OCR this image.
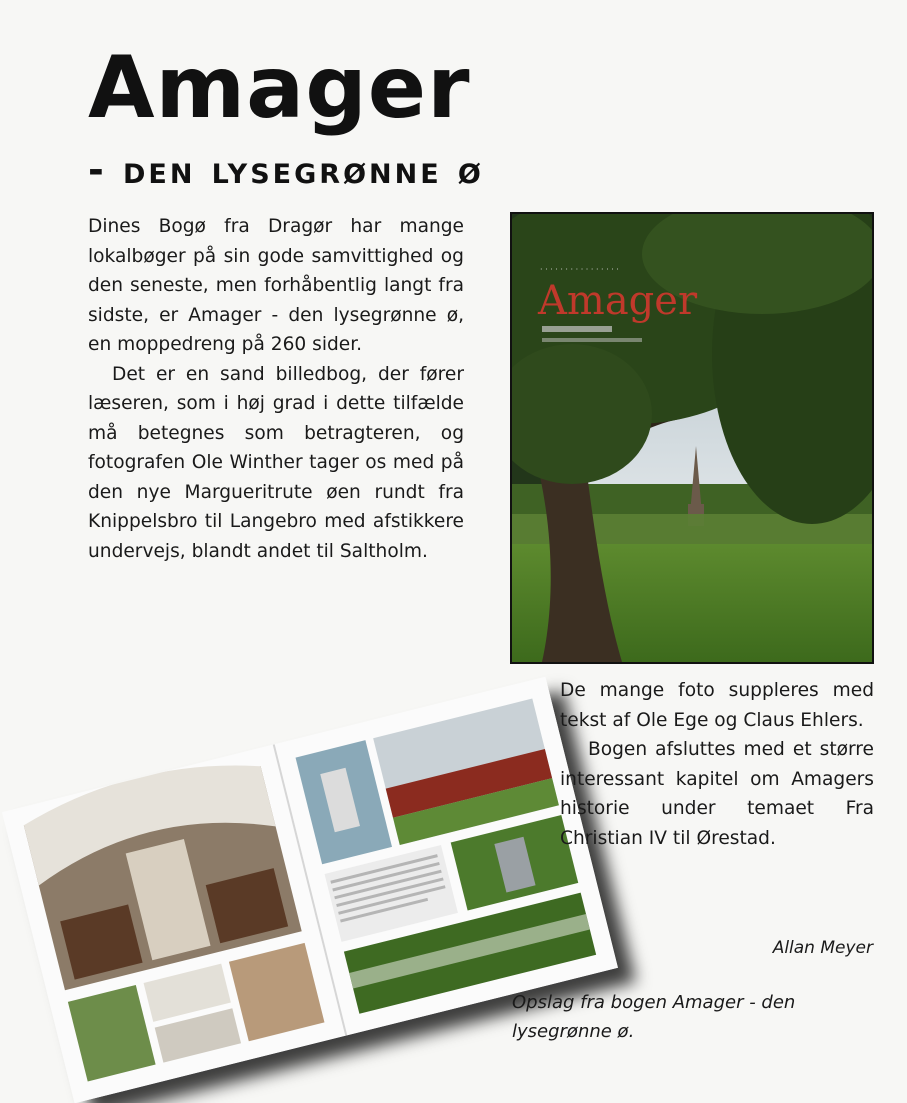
Amager
- den lysegrønne ø

Dines Bogø fra Dragør har mange lokalbøger på sin gode samvittighed og den seneste, men forhåbentlig langt fra sidste, er Amager - den lysegrønne ø, en moppedreng på 260 sider.

Det er en sand billedbog, der fører læseren, som i høj grad i dette tilfælde må betegnes som betragteren, og fotografen Ole Winther tager os med på den nye Margueritrute øen rundt fra Knippelsbro til Langebro med afstikkere undervejs, blandt andet til Saltholm.

· · · · · · · · · · · · · · · ·
Amager

De mange foto suppleres med tekst af Ole Ege og Claus Ehlers.

Bogen afsluttes med et større interessant kapitel om Amagers historie under temaet Fra Christian IV til Ørestad.

Allan Meyer
Opslag fra bogen Amager - den lysegrønne ø.
